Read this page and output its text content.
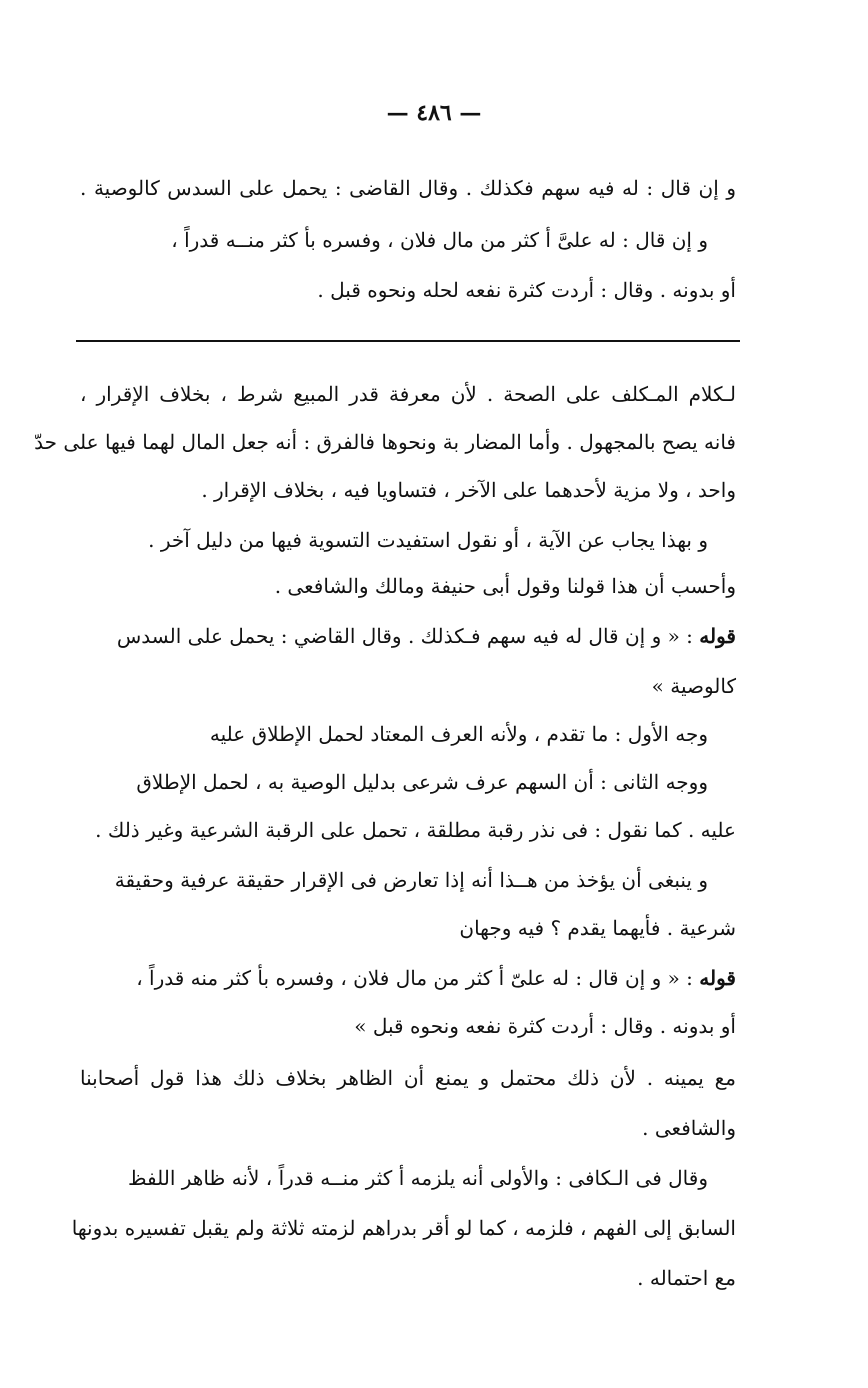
— ٤٨٦ —
و إن قال : له فيه سهم فكذلك . وقال القاضى : يحمل على السدس كالوصية .
و إن قال : له علىَّ أ كثر من مال فلان ، وفسره بأ كثر منــه قدراً ،
أو بدونه . وقال : أردت كثرة نفعه لحله ونحوه قبل .
لـكلام المـكلف على الصحة . لأن معرفة قدر المبيع شرط ، بخلاف الإقرار ،
فانه يصح بالمجهول . وأما المضار بة ونحوها فالفرق : أنه جعل المال لهما فيها على حدّ
واحد ، ولا مزية لأحدهما على الآخر ، فتساويا فيه ، بخلاف الإقرار .
و بهذا يجاب عن الآية ، أو نقول استفيدت التسوية فيها من دليل آخر .
وأحسب أن هذا قولنا وقول أبى حنيفة ومالك والشافعى .
قوله : « و إن قال له فيه سهم فـكذلك . وقال القاضي : يحمل على السدس
كالوصية »
وجه الأول : ما تقدم ، ولأنه العرف المعتاد لحمل الإطلاق عليه
ووجه الثانى : أن السهم عرف شرعى بدليل الوصية به ، لحمل الإطلاق
عليه . كما نقول : فى نذر رقبة مطلقة ، تحمل على الرقبة الشرعية وغير ذلك .
و ينبغى أن يؤخذ من هــذا أنه إذا تعارض فى الإقرار حقيقة عرفية وحقيقة
شرعية . فأيهما يقدم ؟ فيه وجهان
قوله : « و إن قال : له علىّ أ كثر من مال فلان ، وفسره بأ كثر منه قدراً ،
أو بدونه . وقال : أردت كثرة نفعه ونحوه قبل »
مع يمينه . لأن ذلك محتمل و يمنع أن الظاهر بخلاف ذلك هذا قول أصحابنا
والشافعى .
وقال فى الـكافى : والأولى أنه يلزمه أ كثر منــه قدراً ، لأنه ظاهر اللفظ
السابق إلى الفهم ، فلزمه ، كما لو أقر بدراهم لزمته ثلاثة ولم يقبل تفسيره بدونها
مع احتماله .
